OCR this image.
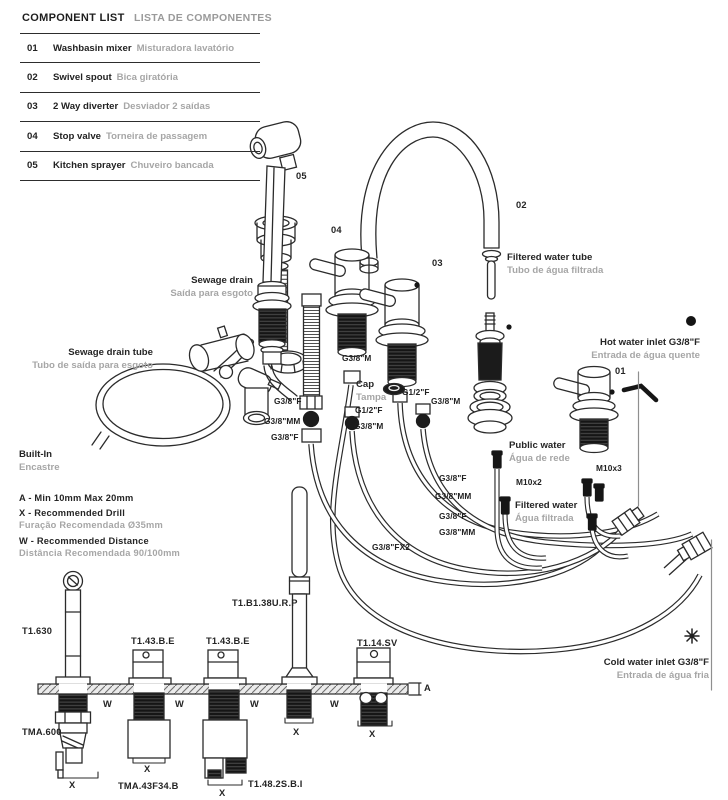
COMPONENT LIST LISTA DE COMPONENTES
01	Washbasin mixer Misturadora lavatório
02	Swivel spout Bica giratória
03	2 Way diverter Desviador 2 saídas
04	Stop valve Torneira de passagem
05	Kitchen sprayer Chuveiro bancada
05
04
02
03
01
Sewage drain
Saída para esgoto
Sewage drain tube
Tubo de saída para esgoto
Filtered water tube
Tubo de água filtrada
Hot water inlet G3/8"F
Entrada de água quente
Public water
Água de rede
Filtered water
Água filtrada
Cold water inlet G3/8"F
Entrada de água fria
Built-In
Encastre
Cap
Tampa
A - Min 10mm Max 20mm
X - Recommended Drill
Furação Recomendada Ø35mm
W - Recommended Distance
Distância Recomendada 90/100mm
G3/8"M
G1/2"F
G3/8"M
G1/2"F
G3/8"M
G3/8"F
G3/8"MM
G3/8"F
G3/8"F
G3/8"MM
G3/8"F
G3/8"MM
G3/8"FX2
M10x2
M10x3
T1.630
T1.43.B.E	T1.43.B.E
T1.B1.38U.R.P
T1.14.SV
TMA.600
TMA.43F34.B	T1.48.2S.B.I
W	W	W	W
X
X
X
X	X
A
